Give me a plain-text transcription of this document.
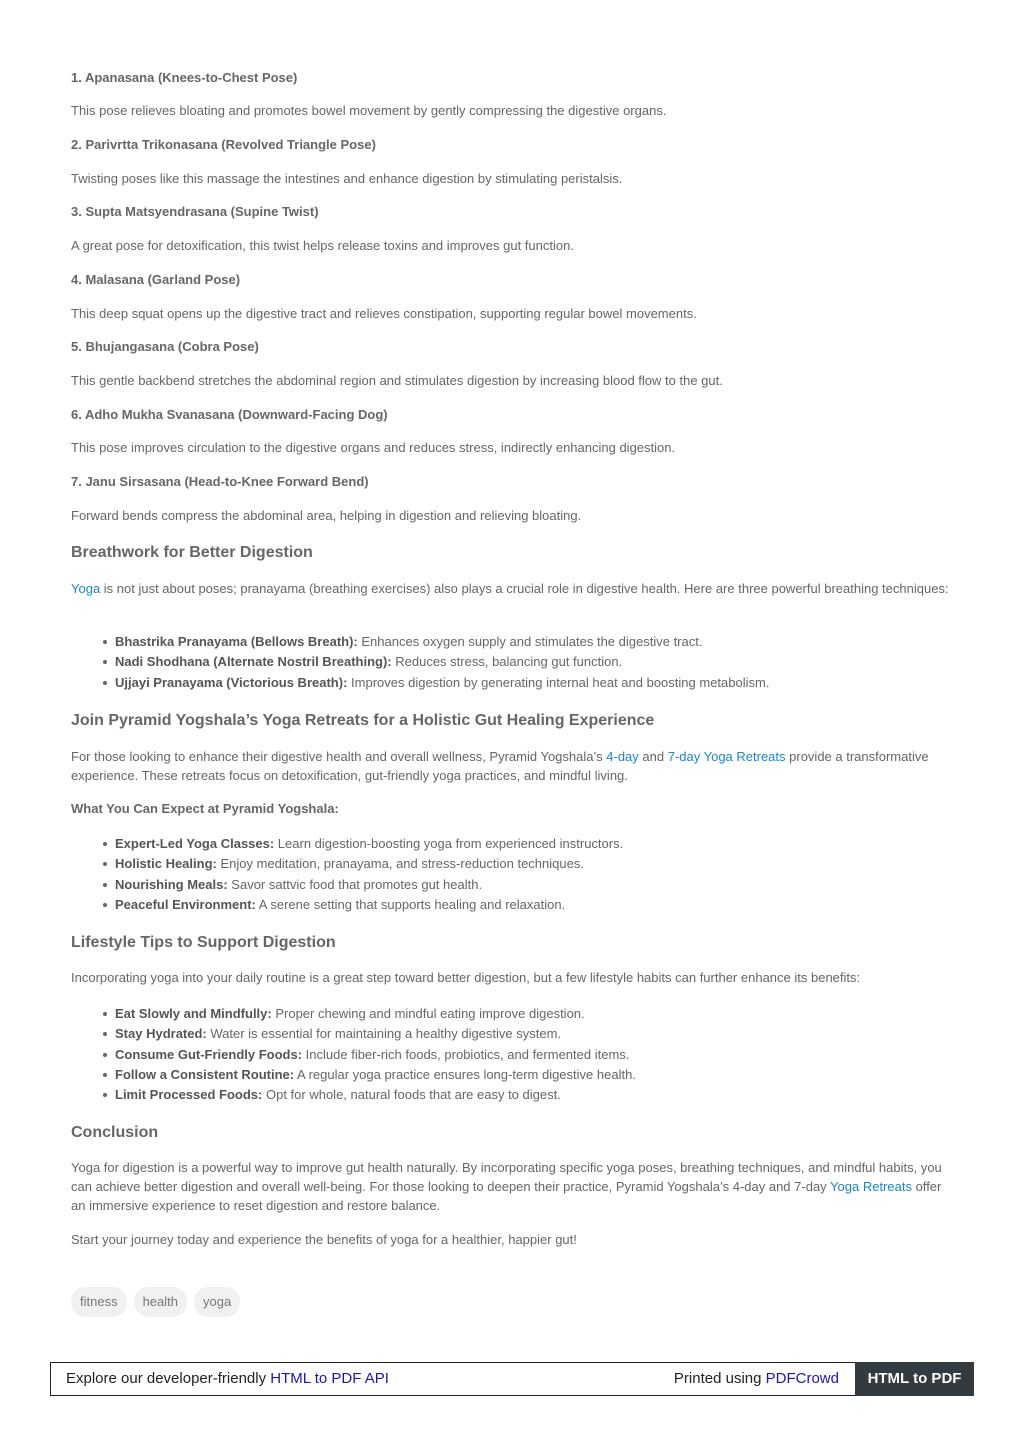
1. Apanasana (Knees-to-Chest Pose)

This pose relieves bloating and promotes bowel movement by gently compressing the digestive organs.

2. Parivrtta Trikonasana (Revolved Triangle Pose)

Twisting poses like this massage the intestines and enhance digestion by stimulating peristalsis.

3. Supta Matsyendrasana (Supine Twist)

A great pose for detoxification, this twist helps release toxins and improves gut function.

4. Malasana (Garland Pose)

This deep squat opens up the digestive tract and relieves constipation, supporting regular bowel movements.

5. Bhujangasana (Cobra Pose)

This gentle backbend stretches the abdominal region and stimulates digestion by increasing blood flow to the gut.

6. Adho Mukha Svanasana (Downward-Facing Dog)

This pose improves circulation to the digestive organs and reduces stress, indirectly enhancing digestion.

7. Janu Sirsasana (Head-to-Knee Forward Bend)

Forward bends compress the abdominal area, helping in digestion and relieving bloating.

Breathwork for Better Digestion

Yoga is not just about poses; pranayama (breathing exercises) also plays a crucial role in digestive health. Here are three powerful breathing techniques:

Bhastrika Pranayama (Bellows Breath): Enhances oxygen supply and stimulates the digestive tract.
Nadi Shodhana (Alternate Nostril Breathing): Reduces stress, balancing gut function.
Ujjayi Pranayama (Victorious Breath): Improves digestion by generating internal heat and boosting metabolism.
Join Pyramid Yogshala’s Yoga Retreats for a Holistic Gut Healing Experience

For those looking to enhance their digestive health and overall wellness, Pyramid Yogshala’s 4-day and 7-day Yoga Retreats provide a transformative experience. These retreats focus on detoxification, gut-friendly yoga practices, and mindful living.

What You Can Expect at Pyramid Yogshala:

Expert-Led Yoga Classes: Learn digestion-boosting yoga from experienced instructors.
Holistic Healing: Enjoy meditation, pranayama, and stress-reduction techniques.
Nourishing Meals: Savor sattvic food that promotes gut health.
Peaceful Environment: A serene setting that supports healing and relaxation.
Lifestyle Tips to Support Digestion

Incorporating yoga into your daily routine is a great step toward better digestion, but a few lifestyle habits can further enhance its benefits:

Eat Slowly and Mindfully: Proper chewing and mindful eating improve digestion.
Stay Hydrated: Water is essential for maintaining a healthy digestive system.
Consume Gut-Friendly Foods: Include fiber-rich foods, probiotics, and fermented items.
Follow a Consistent Routine: A regular yoga practice ensures long-term digestive health.
Limit Processed Foods: Opt for whole, natural foods that are easy to digest.
Conclusion

Yoga for digestion is a powerful way to improve gut health naturally. By incorporating specific yoga poses, breathing techniques, and mindful habits, you can achieve better digestion and overall well-being. For those looking to deepen their practice, Pyramid Yogshala’s 4-day and 7-day Yoga Retreats offer an immersive experience to reset digestion and restore balance.

Start your journey today and experience the benefits of yoga for a healthier, happier gut!

fitness	health	yoga
Explore our developer-friendly HTML to PDF API	Printed using PDFCrowd	HTML to PDF
